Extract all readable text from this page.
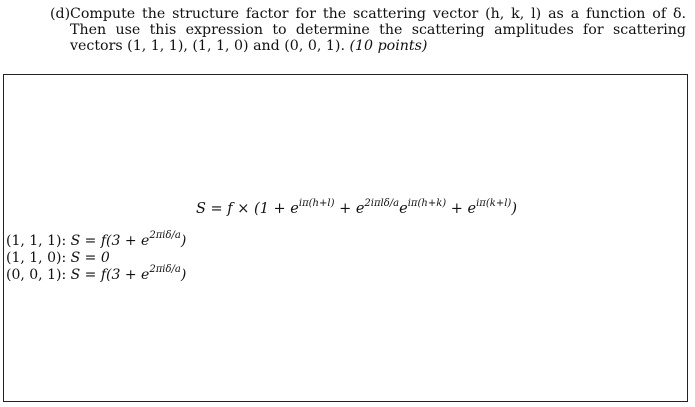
(d) Compute the structure factor for the scattering vector (h, k, l) as a function of δ. Then use this expression to determine the scattering amplitudes for scattering vectors (1, 1, 1), (1, 1, 0) and (0, 0, 1). (10 points)
$S = f \times (1 + e^{i\pi(h+l)} + e^{2i\pi l\delta/a}e^{i\pi(h+k)} + e^{i\pi(k+l)})$
(1, 1, 1): $S = f(3 + e^{2\pi i\delta/a})$
(1, 1, 0): S = 0
(0, 0, 1): $S = f(3 + e^{2\pi i\delta/a})$
